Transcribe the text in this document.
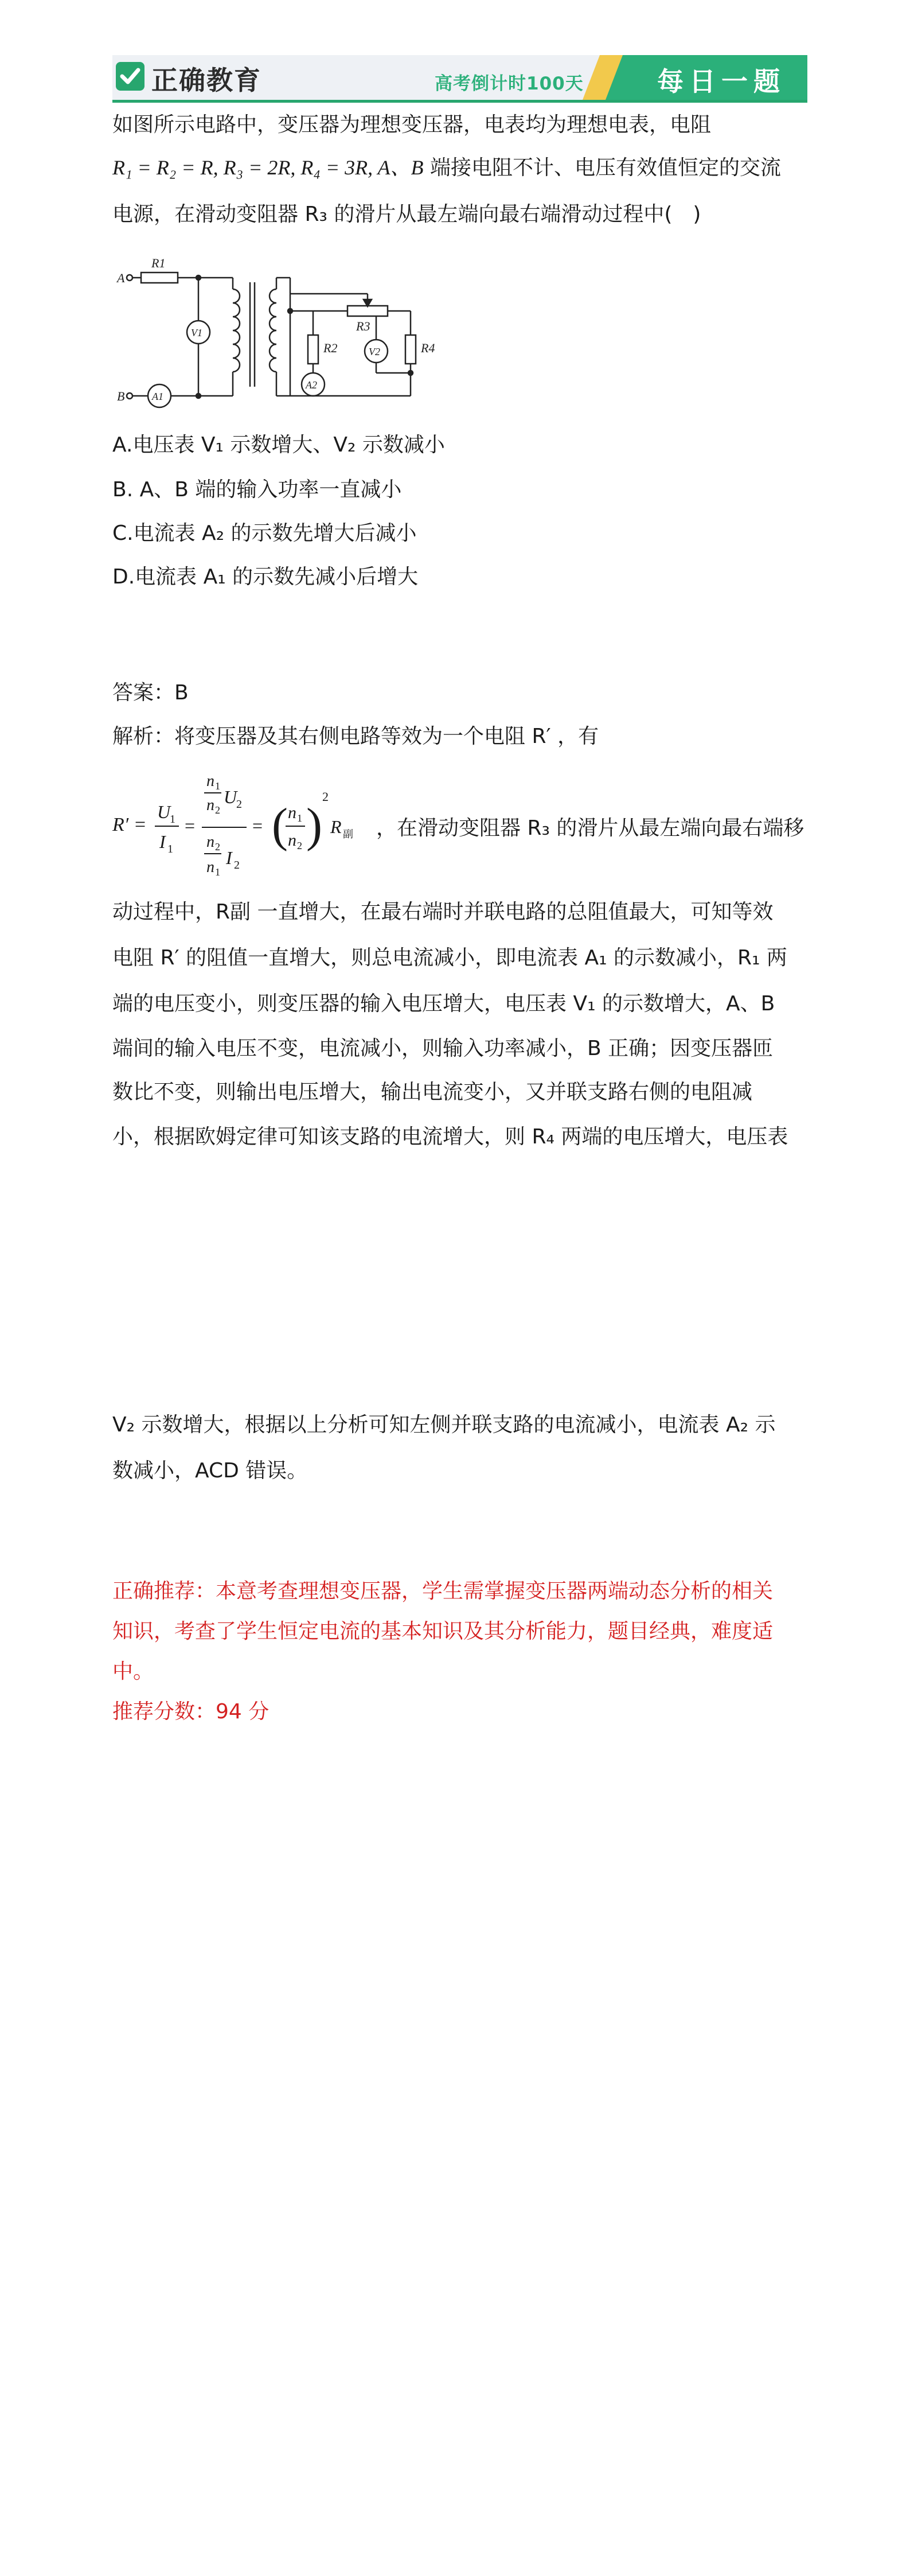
正确教育	高考倒计时100天	每日一题
如图所示电路中，变压器为理想变压器，电表均为理想电表，电阻
R₁ = R₂ = R, R₃ = 2R, R₄ = 3R, A、B 端接电阻不计、电压有效值恒定的交流
电源，在滑动变阻器 R₃ 的滑片从最左端向最右端滑动过程中(　)
A
B
R1
V1
A1
R2
A2
R3
V2	R4
A.电压表 V₁ 示数增大、V₂ 示数减小
B. A、B 端的输入功率一直减小
C.电流表 A₂ 的示数先增大后减小
D.电流表 A₁ 的示数先减小后增大
答案：B
解析：将变压器及其右侧电路等效为一个电阻 R′ ，有
R′ =
U
1
I 1
=
n 1
n 2
U
2
n 2
n 1
I 2
= ( n 1
n 2 )
2
R 副 ，在滑动变阻器 R₃ 的滑片从最左端向最右端移
动过程中，R副 一直增大，在最右端时并联电路的总阻值最大，可知等效
电阻 R′ 的阻值一直增大，则总电流减小，即电流表 A₁ 的示数减小，R₁ 两
端的电压变小，则变压器的输入电压增大，电压表 V₁ 的示数增大，A、B
端间的输入电压不变，电流减小，则输入功率减小，B 正确；因变压器匝
数比不变，则输出电压增大，输出电流变小，又并联支路右侧的电阻减
小，根据欧姆定律可知该支路的电流增大，则 R₄ 两端的电压增大，电压表
V₂ 示数增大，根据以上分析可知左侧并联支路的电流减小，电流表 A₂ 示
数减小，ACD 错误。
正确推荐：本意考查理想变压器，学生需掌握变压器两端动态分析的相关
知识，考查了学生恒定电流的基本知识及其分析能力，题目经典，难度适
中。
推荐分数：94 分
